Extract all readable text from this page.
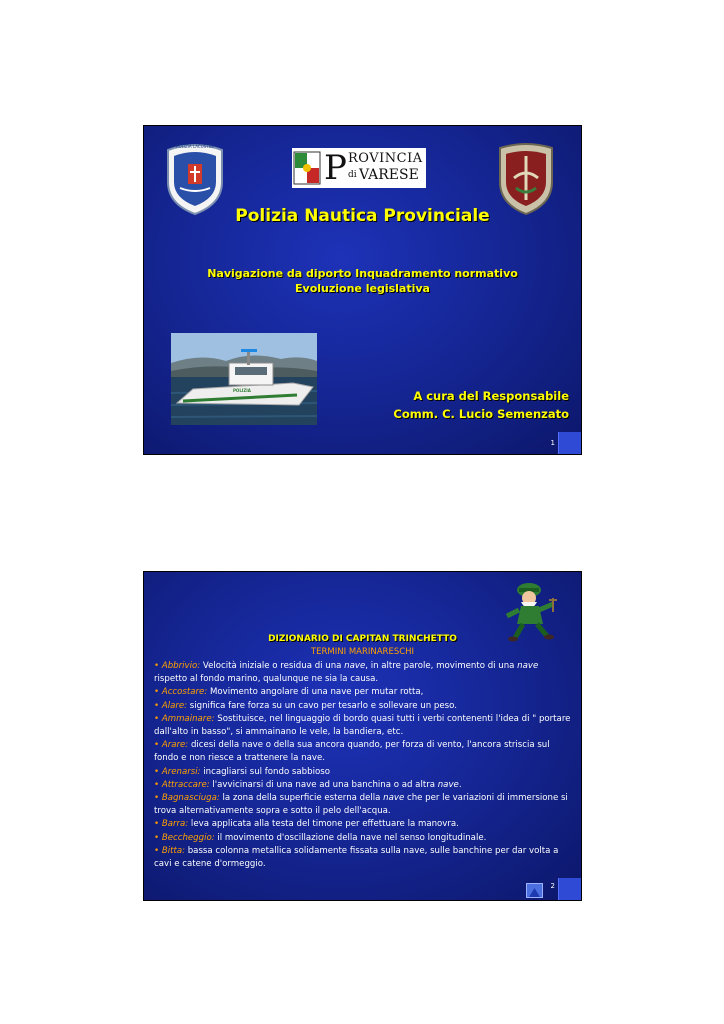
POLIZIA LACUSTRE
P ROVINCIA
di VARESE
Polizia Nautica Provinciale
Navigazione da diporto Inquadramento normativo
Evoluzione legislativa
POLIZIA	A cura del Responsabile
Comm. C. Lucio Semenzato
1
DIZIONARIO DI CAPITAN TRINCHETTO
TERMINI MARINARESCHI
• Abbrivio: Velocità iniziale o residua di una nave, in altre parole, movimento di una nave rispetto al fondo marino, qualunque ne sia la causa.
• Accostare: Movimento angolare di una nave per mutar rotta,
• Alare: significa fare forza su un cavo per tesarlo e sollevare un peso.
• Ammainare: Sostituisce, nel linguaggio di bordo quasi tutti i verbi contenenti l'idea di " portare dall'alto in basso", si ammainano le vele, la bandiera, etc.
• Arare: dicesi della nave o della sua ancora quando, per forza di vento, l'ancora striscia sul fondo e non riesce a trattenere la nave.
• Arenarsi: incagliarsi sul fondo sabbioso
• Attraccare: l'avvicinarsi di una nave ad una banchina o ad altra nave.
• Bagnasciuga: la zona della superficie esterna della nave che per le variazioni di immersione si trova alternativamente sopra e sotto il pelo dell'acqua.
• Barra: leva applicata alla testa del timone per effettuare la manovra.
• Beccheggio: il movimento d'oscillazione della nave nel senso longitudinale.
• Bitta: bassa colonna metallica solidamente fissata sulla nave, sulle banchine per dar volta a cavi e catene d'ormeggio.
2
